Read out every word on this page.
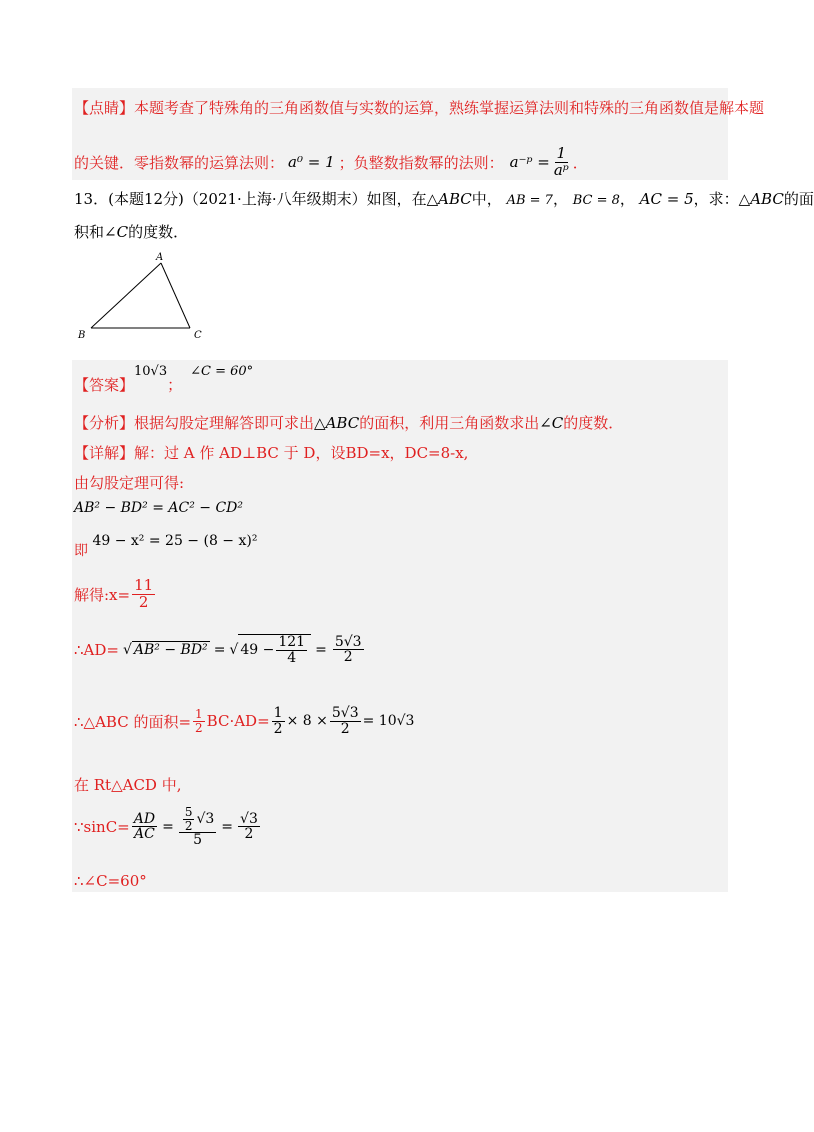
【点睛】本题考查了特殊角的三角函数值与实数的运算，熟练掌握运算法则和特殊的三角函数值是解本题
的关键．零指数幂的运算法则： a⁰ = 1 ；负整数指数幂的法则： a⁻ᵖ = $\frac{1}{\text{aᵖ}}$ ．
13．(本题12分)（2021·上海·八年级期末）如图，在△ABC中， AB = 7， BC = 8， AC = 5，求：△ABC的面
积和∠C的度数．
A
B	C
【答案】
10√3
；
∠C = 60°
【分析】根据勾股定理解答即可求出△ABC的面积，利用三角函数求出∠C的度数．
【详解】解：过 A 作 AD⊥BC 于 D，设BD=x，DC=8-x,
由勾股定理可得:
AB² − BD² = AC² − CD²
即 49 − x² = 25 − (8 − x)²
解得:x= $\frac{11}{2}$
∴AD= √ AB² − BD² = √ $49 - \frac{121}{4} = \frac{5√3}{2}$
∴△ABC 的面积= $\frac{1}{2} BC\cdot AD= \frac{1}{2} \times 8 \times \frac{5√3}{2} = 10√3$
在 Rt△ACD 中,
∵sinC= $\frac{AD}{AC} = \frac{\frac{5}{2} √3}{5} = \frac{√3}{2}$
∴∠C=60°
